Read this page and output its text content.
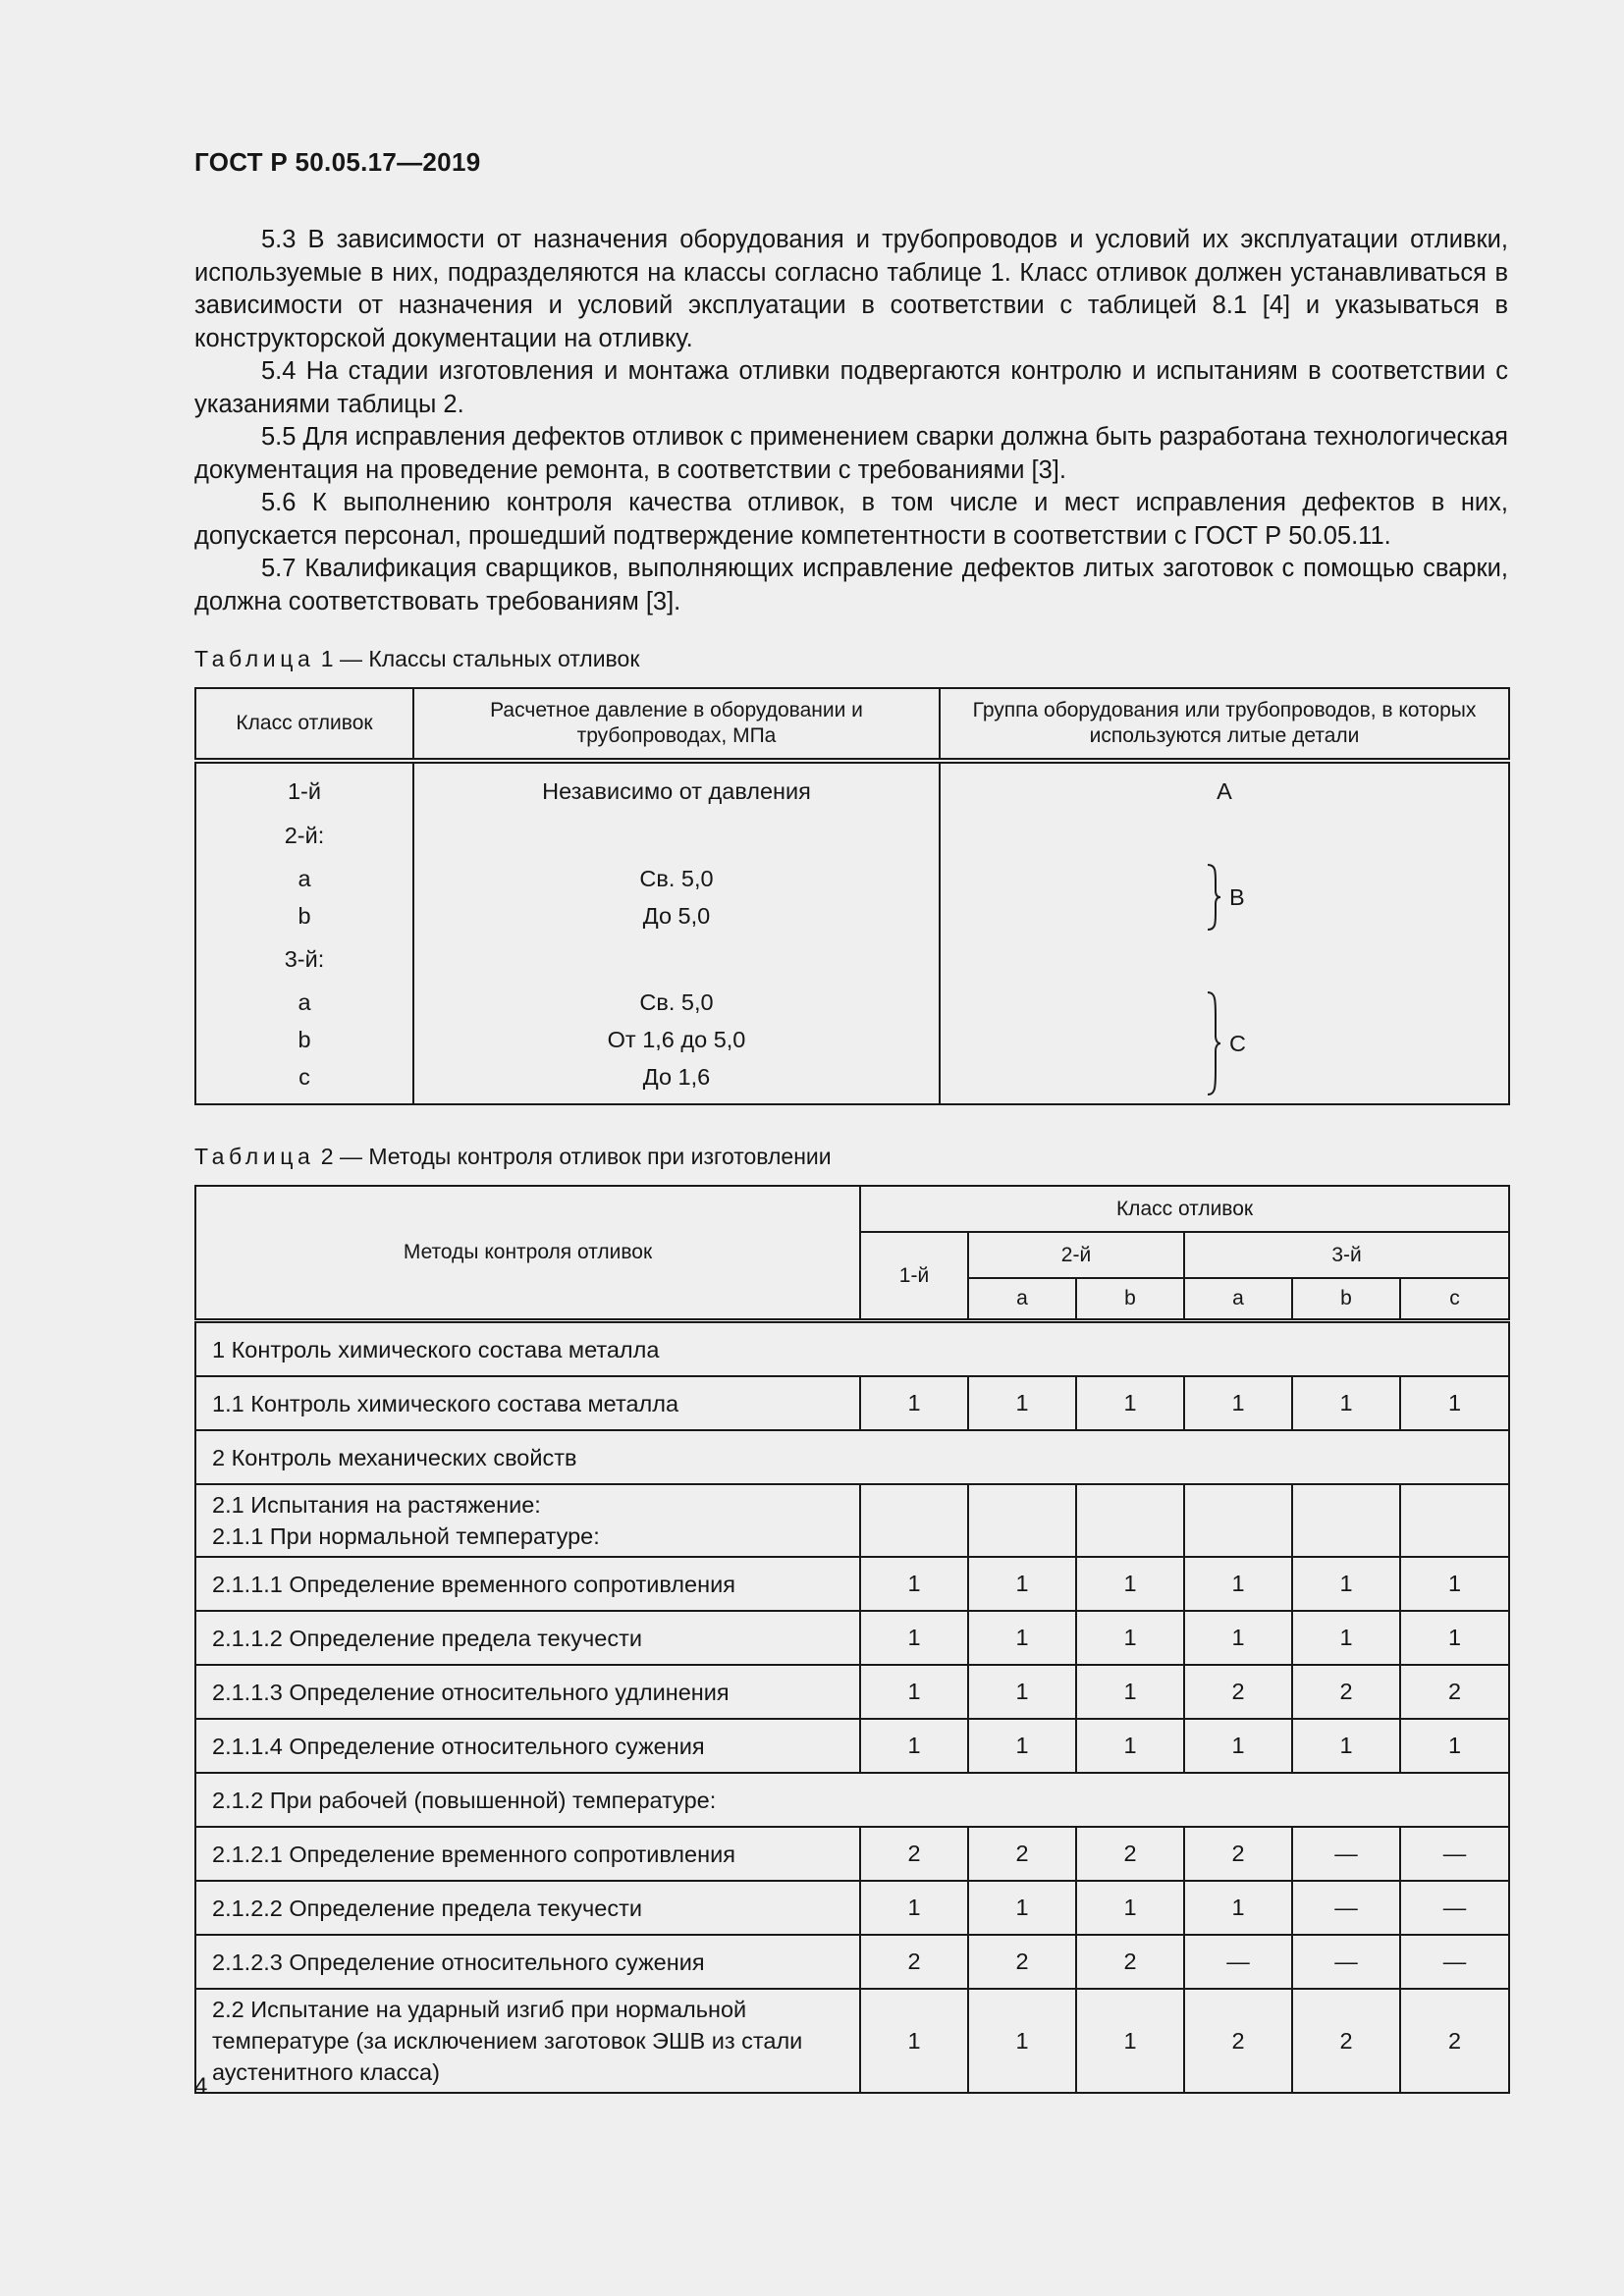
ГОСТ Р 50.05.17—2019

5.3 В зависимости от назначения оборудования и трубопроводов и условий их эксплуатации отливки, используемые в них, подразделяются на классы согласно таблице 1. Класс отливок должен устанавливаться в зависимости от назначения и условий эксплуатации в соответствии с таблицей 8.1 [4] и указываться в конструкторской документации на отливку.

5.4 На стадии изготовления и монтажа отливки подвергаются контролю и испытаниям в соответствии с указаниями таблицы 2.

5.5 Для исправления дефектов отливок с применением сварки должна быть разработана технологическая документация на проведение ремонта, в соответствии с требованиями [3].

5.6 К выполнению контроля качества отливок, в том числе и мест исправления дефектов в них, допускается персонал, прошедший подтверждение компетентности в соответствии с ГОСТ Р 50.05.11.

5.7 Квалификация сварщиков, выполняющих исправление дефектов литых заготовок с помощью сварки, должна соответствовать требованиям [3].

Таблица 1 — Классы стальных отливок
Класс отливок	Расчетное давление в оборудовании и трубопроводах, МПа	Группа оборудования или трубопроводов, в которых используются литые детали
1-й	Независимо от давления	А
2-й:		
а	Св. 5,0	В

b	До 5,0	
3-й:		
а	Св. 5,0	С

b	От 1,6 до 5,0	
с	До 1,6	
Таблица 2 — Методы контроля отливок при изготовлении
Методы контроля отливок	Класс отливок					
	1-й	2-й		3-й		
		a	b	a	b	c
1 Контроль химического состава металла						

1.1 Контроль химического состава металла	1	1	1	1	1	1
2 Контроль механических свойств						

2.1 Испытания на растяжение:
2.1.1 При нормальной температуре:						

2.1.1.1 Определение временного сопротивления	1	1	1	1	1	1

2.1.1.2 Определение предела текучести	1	1	1	1	1	1

2.1.1.3 Определение относительного удлинения	1	1	1	2	2	2

2.1.1.4 Определение относительного сужения	1	1	1	1	1	1
2.1.2 При рабочей (повышенной) температуре:						

2.1.2.1 Определение временного сопротивления	2	2	2	2	—	—

2.1.2.2 Определение предела текучести	1	1	1	1	—	—

2.1.2.3 Определение относительного сужения	2	2	2	—	—	—

2.2 Испытание на ударный изгиб при нормальной температуре (за исключением заготовок ЭШВ из стали аустенитного класса)	1	1	1	2	2	2
4
